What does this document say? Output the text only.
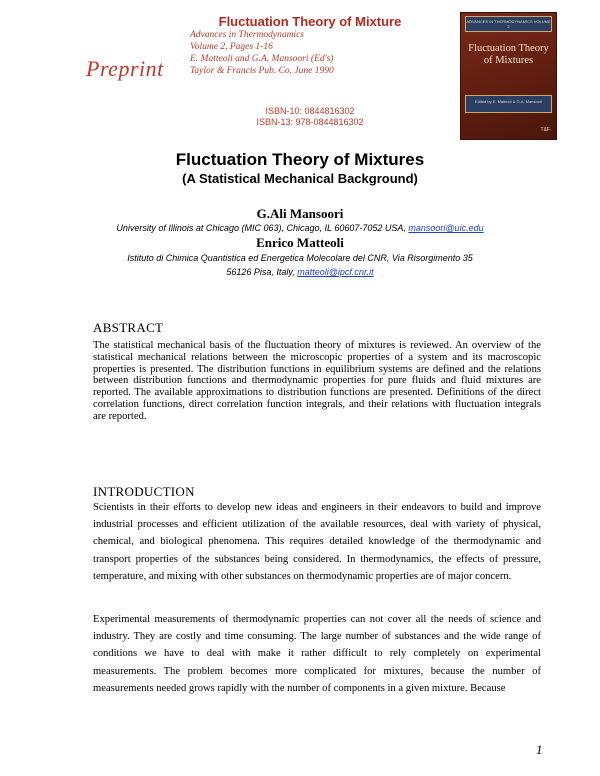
Fluctuation Theory of Mixture
Advances in Thermodynamics
Volume 2, Pages 1-16
E. Matteoli and G.A. Mansoori (Ed's)
Taylor & Francis Pub. Co. June 1990
ISBN-10: 0844816302
ISBN-13: 978-0844816302
Preprint
ADVANCES IN THERMODYNAMICS VOLUME 2
Fluctuation Theory of Mixtures
Edited by E. Matteoli & G.A. Mansoori
T&F
Fluctuation Theory of Mixtures
(A Statistical Mechanical Background)
G.Ali Mansoori
University of Illinois at Chicago (MIC 063), Chicago, IL 60607-7052 USA, mansoori@uic.edu
Enrico Matteoli
Istituto di Chimica Quantistica ed Energetica Molecolare del CNR, Via Risorgimento 35
56126 Pisa, Italy, matteoli@ipcf.cnr.it
ABSTRACT
The statistical mechanical basis of the fluctuation theory of mixtures is reviewed. An overview of the statistical mechanical relations between the microscopic properties of a system and its macroscopic properties is presented. The distribution functions in equilibrium systems are defined and the relations between distribution functions and thermodynamic properties for pure fluids and fluid mixtures are reported. The available approximations to distribution functions are presented. Definitions of the direct correlation functions, direct correlation function integrals, and their relations with fluctuation integrals are reported.
INTRODUCTION
Scientists in their efforts to develop new ideas and engineers in their endeavors to build and improve industrial processes and efficient utilization of the available resources, deal with variety of physical, chemical, and biological phenomena. This requires detailed knowledge of the thermodynamic and transport properties of the substances being considered. In thermodynamics, the effects of pressure, temperature, and mixing with other substances on thermodynamic properties are of major concern.
Experimental measurements of thermodynamic properties can not cover all the needs of science and industry. They are costly and time consuming. The large number of substances and the wide range of conditions we have to deal with make it rather difficult to rely completely on experimental measurements. The problem becomes more complicated for mixtures, because the number of measurements needed grows rapidly with the number of components in a given mixture. Because
1
